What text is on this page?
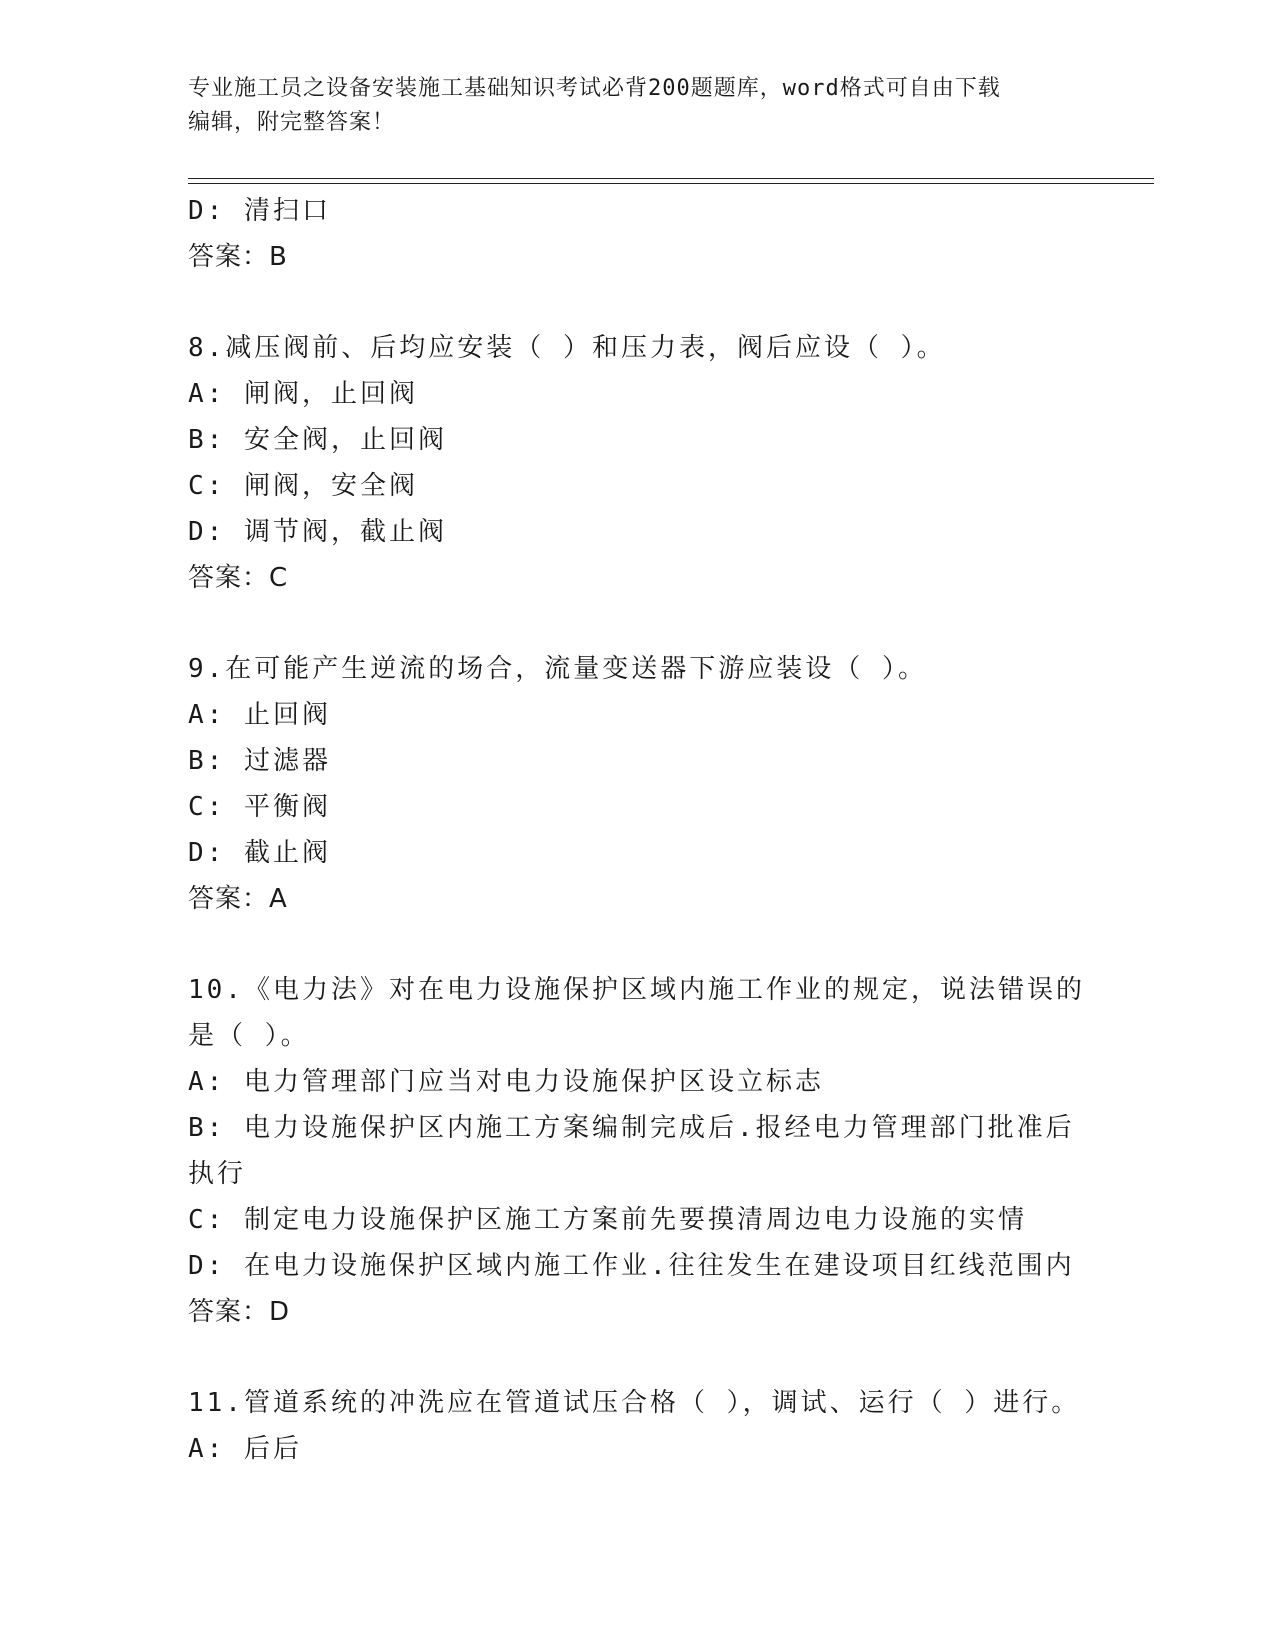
专业施工员之设备安装施工基础知识考试必背200题题库，word格式可自由下载
编辑，附完整答案！
D: 清扫口
答案：B
8.减压阀前、后均应安装（ ）和压力表，阀后应设（ ）。
A: 闸阀，止回阀
B: 安全阀，止回阀
C: 闸阀，安全阀
D: 调节阀，截止阀
答案：C
9.在可能产生逆流的场合，流量变送器下游应装设（ ）。
A: 止回阀
B: 过滤器
C: 平衡阀
D: 截止阀
答案：A
10.《电力法》对在电力设施保护区域内施工作业的规定，说法错误的
是（ ）。
A: 电力管理部门应当对电力设施保护区设立标志
B: 电力设施保护区内施工方案编制完成后.报经电力管理部门批准后
执行
C: 制定电力设施保护区施工方案前先要摸清周边电力设施的实情
D: 在电力设施保护区域内施工作业.往往发生在建设项目红线范围内
答案：D
11.管道系统的冲洗应在管道试压合格（ ），调试、运行（ ）进行。
A: 后后
